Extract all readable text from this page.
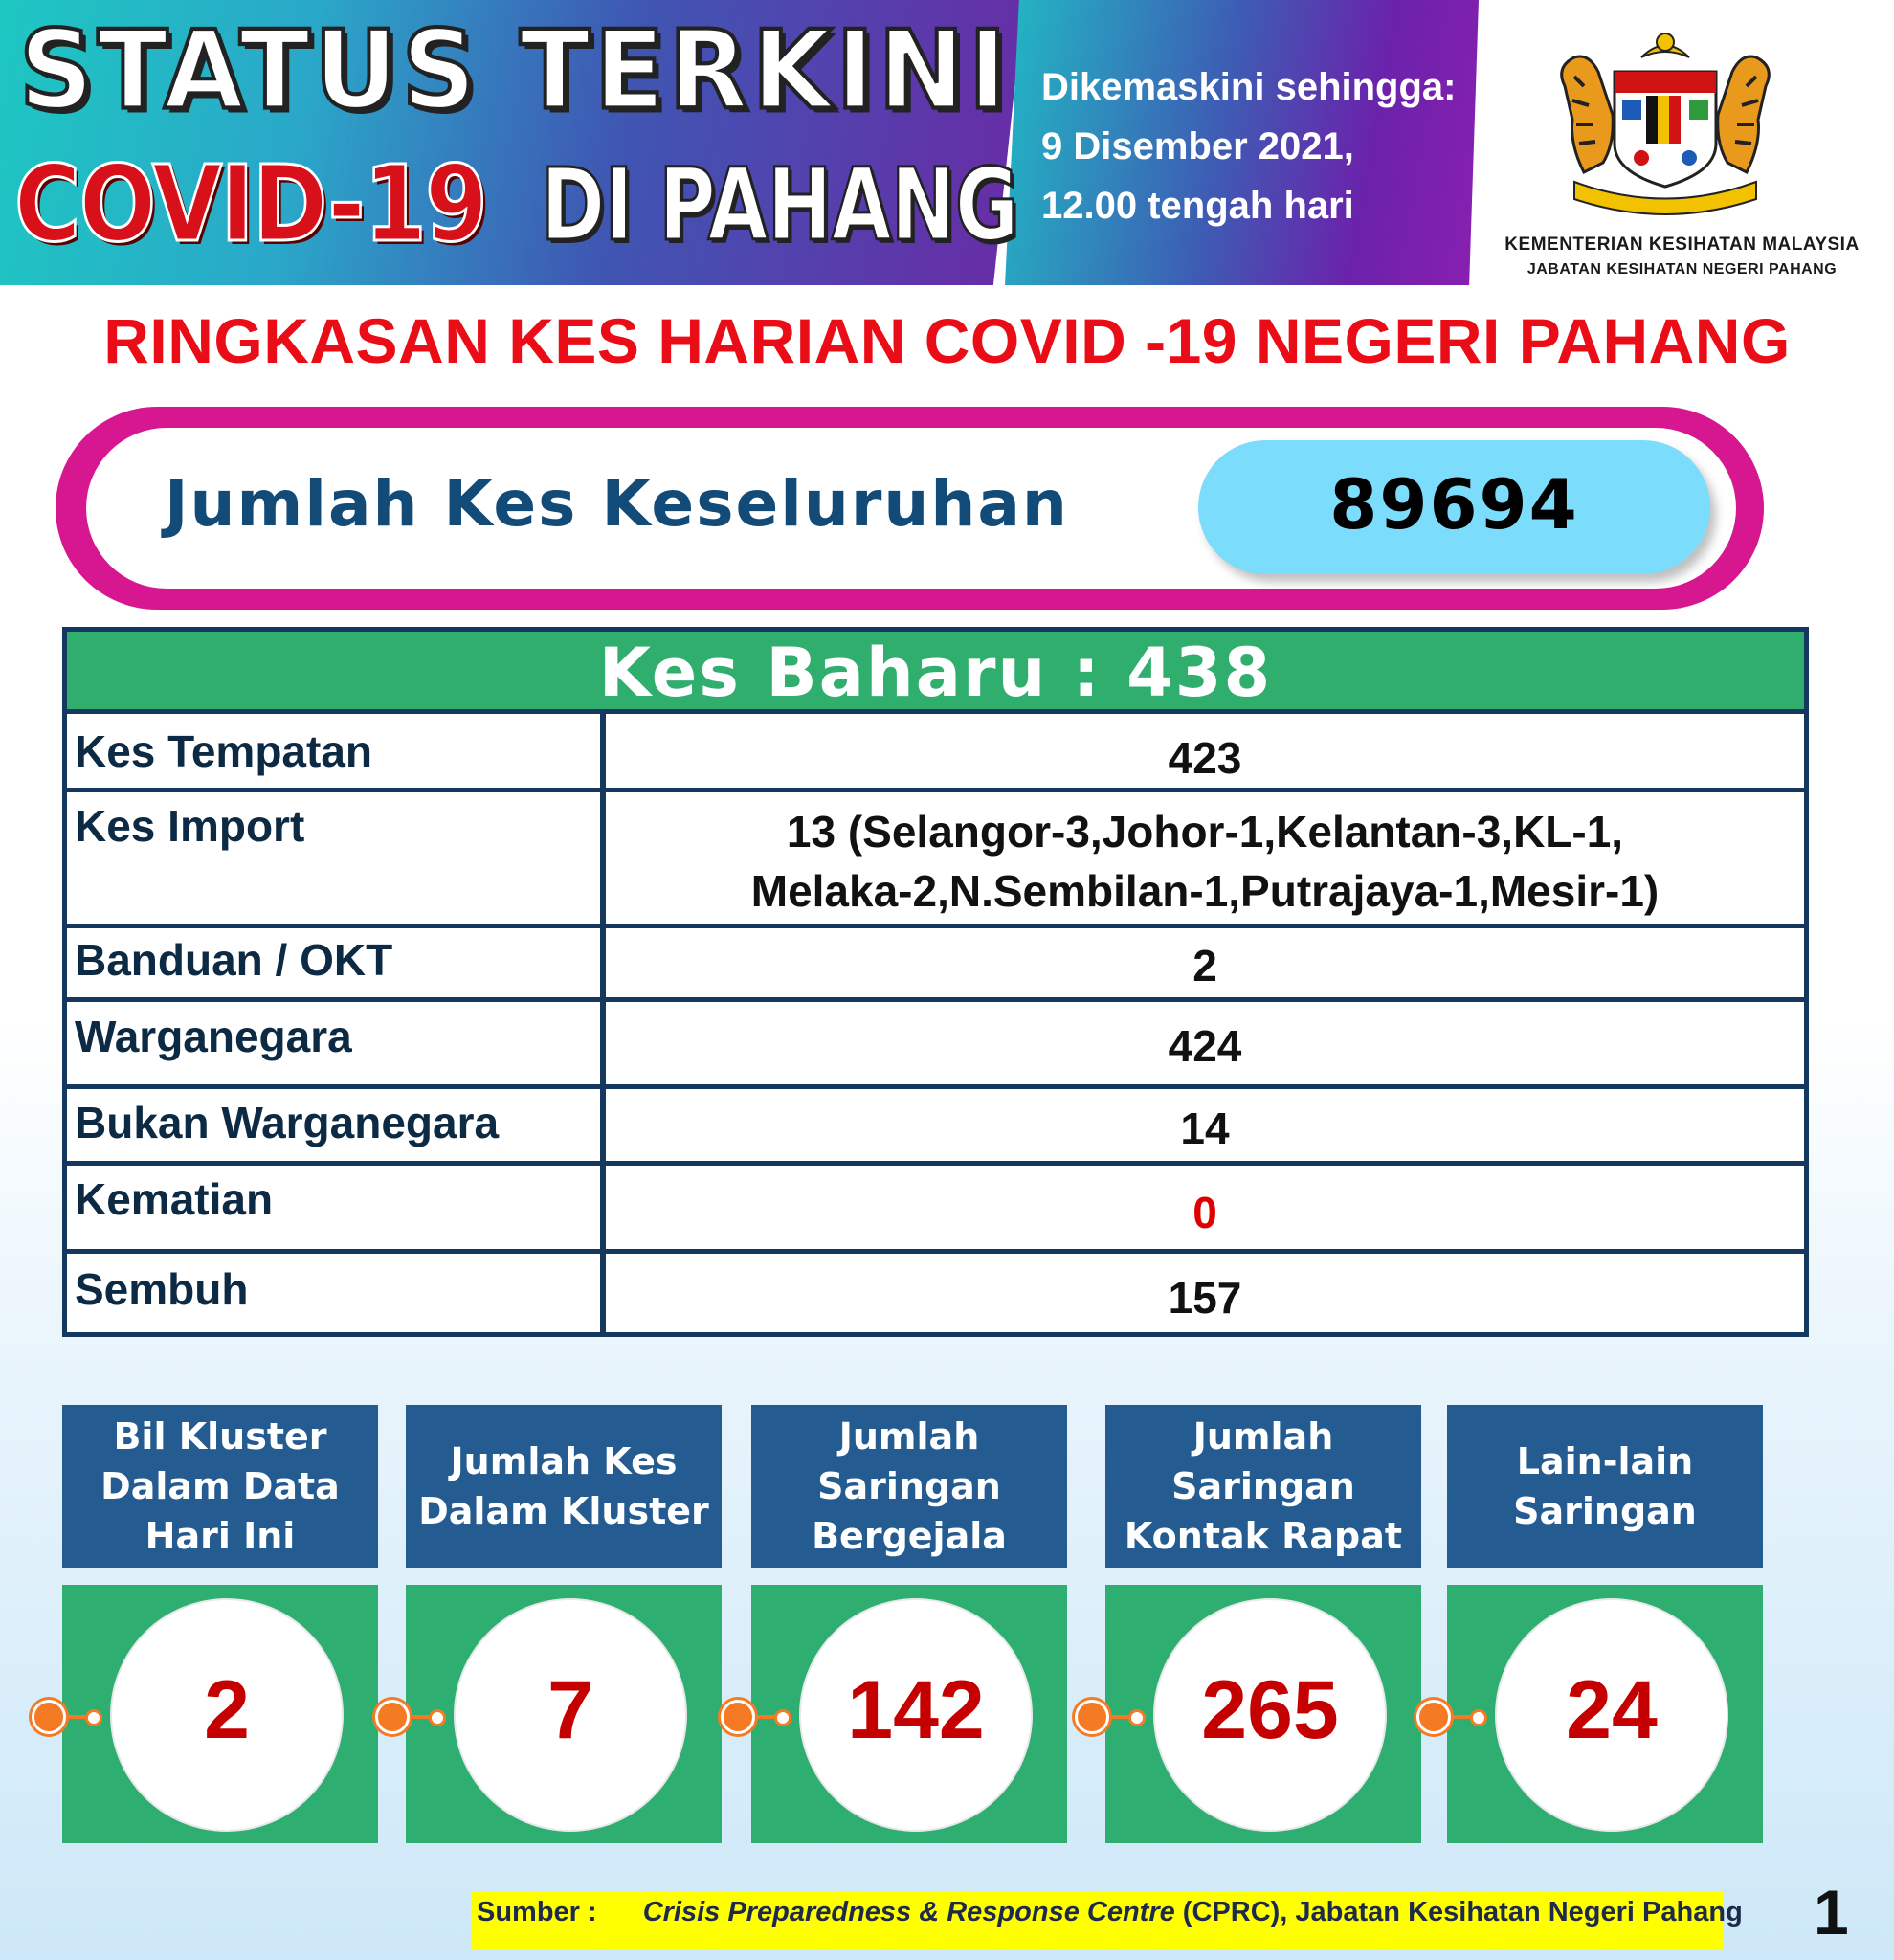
STATUS TERKINI
COVID-19 DI PAHANG
Dikemaskini sehingga:
9 Disember 2021,
12.00 tengah hari
KEMENTERIAN KESIHATAN MALAYSIA
JABATAN KESIHATAN NEGERI PAHANG
RINGKASAN KES HARIAN COVID -19 NEGERI PAHANG
Jumlah Kes Keseluruhan	89694
Kes Baharu : 438
Kes Tempatan	423
Kes Import	13 (Selangor-3,Johor-1,Kelantan-3,KL-1,
Melaka-2,N.Sembilan-1,Putrajaya-1,Mesir-1)
Banduan / OKT	2
Warganegara	424
Bukan Warganegara	14
Kematian	0
Sembuh	157
Bil Kluster
Dalam Data
Hari Ini
2
Jumlah Kes
Dalam Kluster
7
Jumlah
Saringan
Bergejala
142
Jumlah
Saringan
Kontak Rapat
265
Lain-lain
Saringan
24
Sumber : Crisis Preparedness & Response Centre (CPRC), Jabatan Kesihatan Negeri Pahang 1
